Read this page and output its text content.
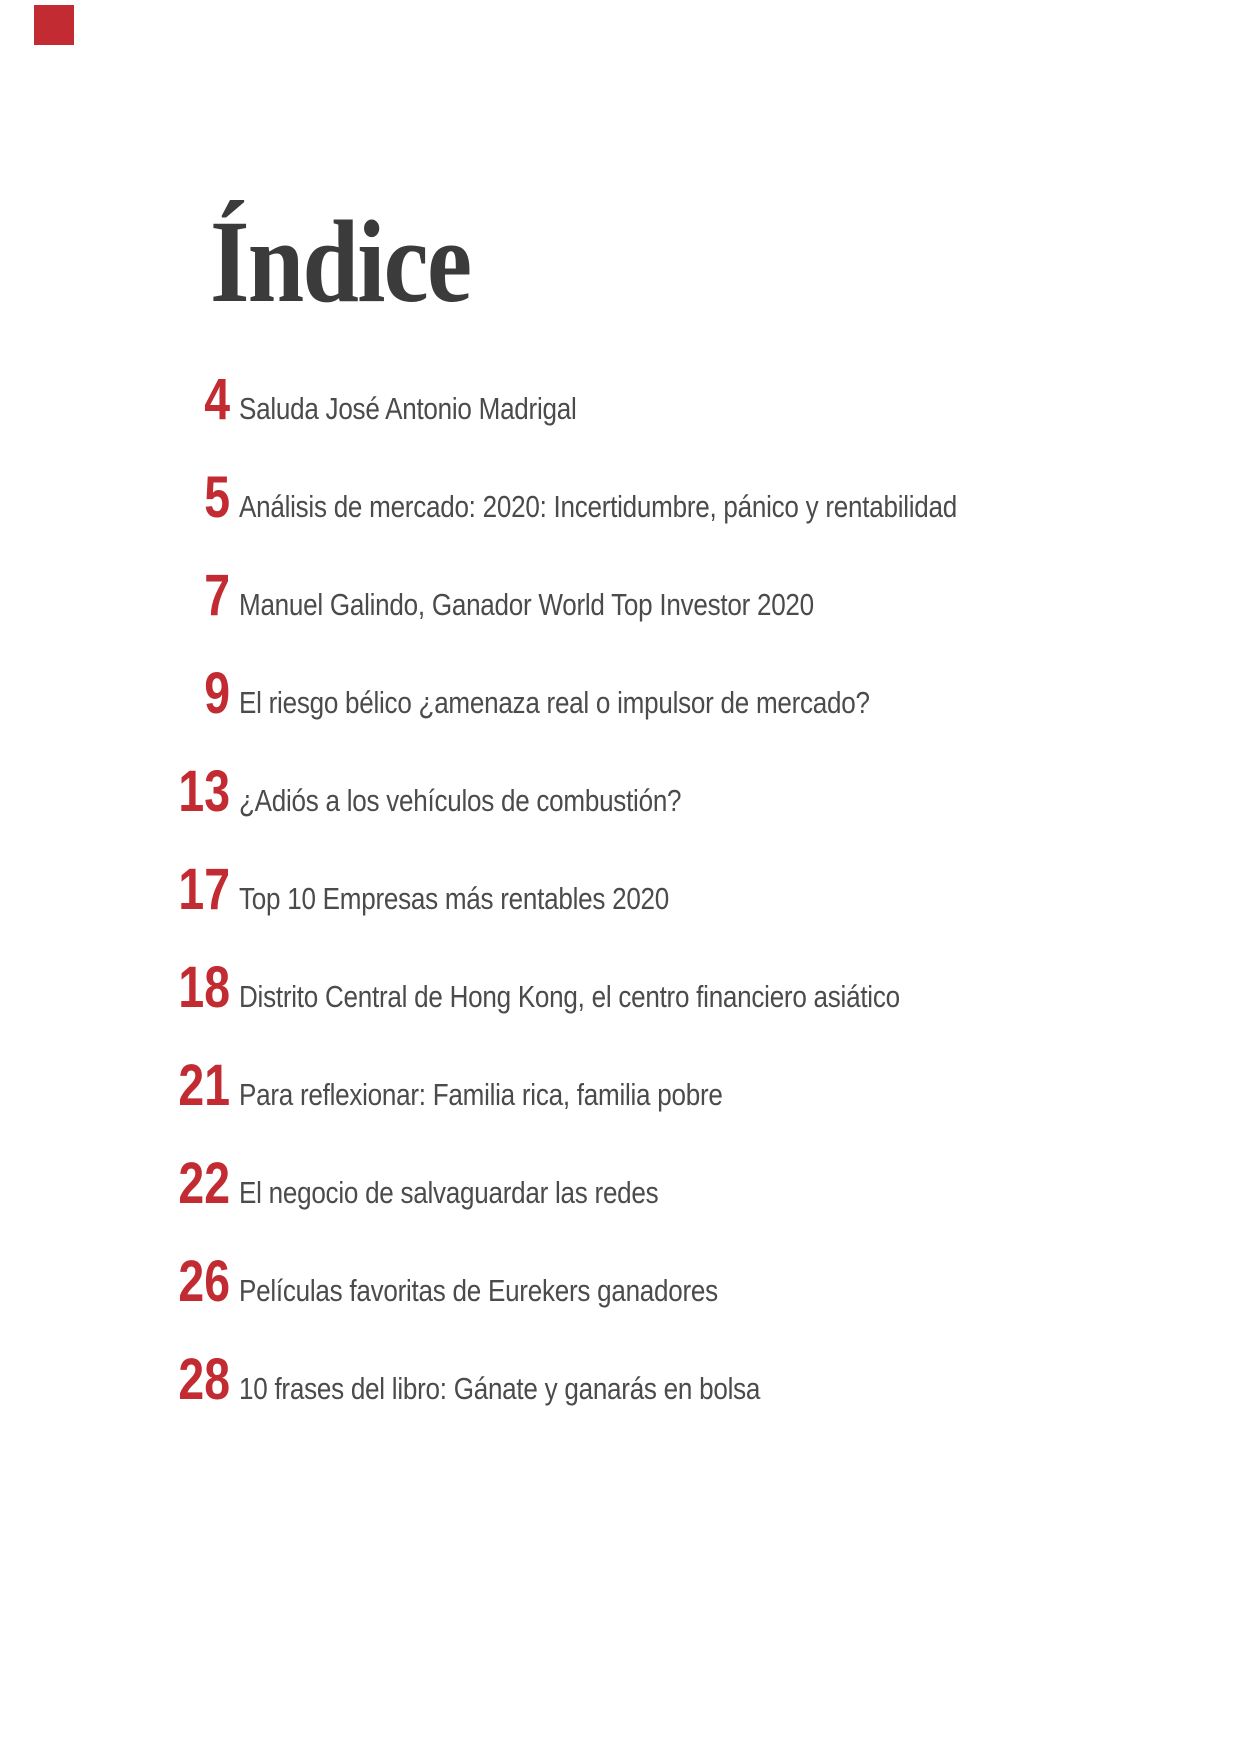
Índice
4 Saluda José Antonio Madrigal
5 Análisis de mercado: 2020: Incertidumbre, pánico y rentabilidad
7 Manuel Galindo, Ganador World Top Investor 2020
9 El riesgo bélico ¿amenaza real o impulsor de mercado?
13 ¿Adiós a los vehículos de combustión?
17 Top 10 Empresas más rentables 2020
18 Distrito Central de Hong Kong, el centro financiero asiático
21 Para reflexionar: Familia rica, familia pobre
22 El negocio de salvaguardar las redes
26 Películas favoritas de Eurekers ganadores
28 10 frases del libro: Gánate y ganarás en bolsa
